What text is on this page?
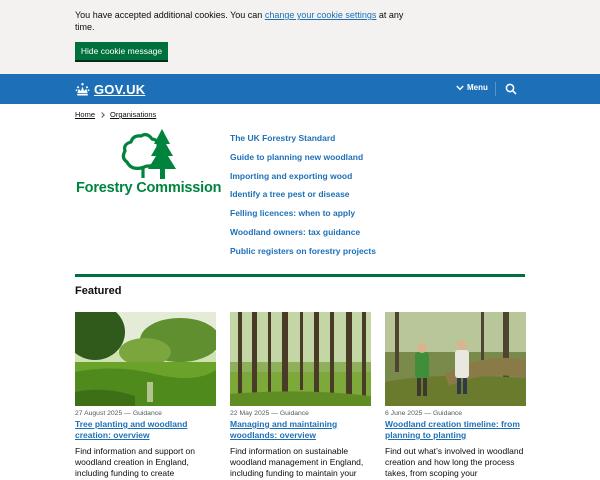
You have accepted additional cookies. You can change your cookie settings at any time.

Hide cookie message
GOV.UK	Menu
Home Organisations
Forestry Commission
The UK Forestry Standard
Guide to planning new woodland
Importing and exporting wood
Identify a tree pest or disease
Felling licences: when to apply
Woodland owners: tax guidance
Public registers on forestry projects
Featured
27 August 2025 — Guidance
Tree planting and woodland creation: overview

Find information and support on woodland creation in England, including funding to create

22 May 2025 — Guidance
Managing and maintaining woodlands: overview

Find information on sustainable woodland management in England, including funding to maintain your

6 June 2025 — Guidance
Woodland creation timeline: from planning to planting

Find out what’s involved in woodland creation and how long the process takes, from scoping your
